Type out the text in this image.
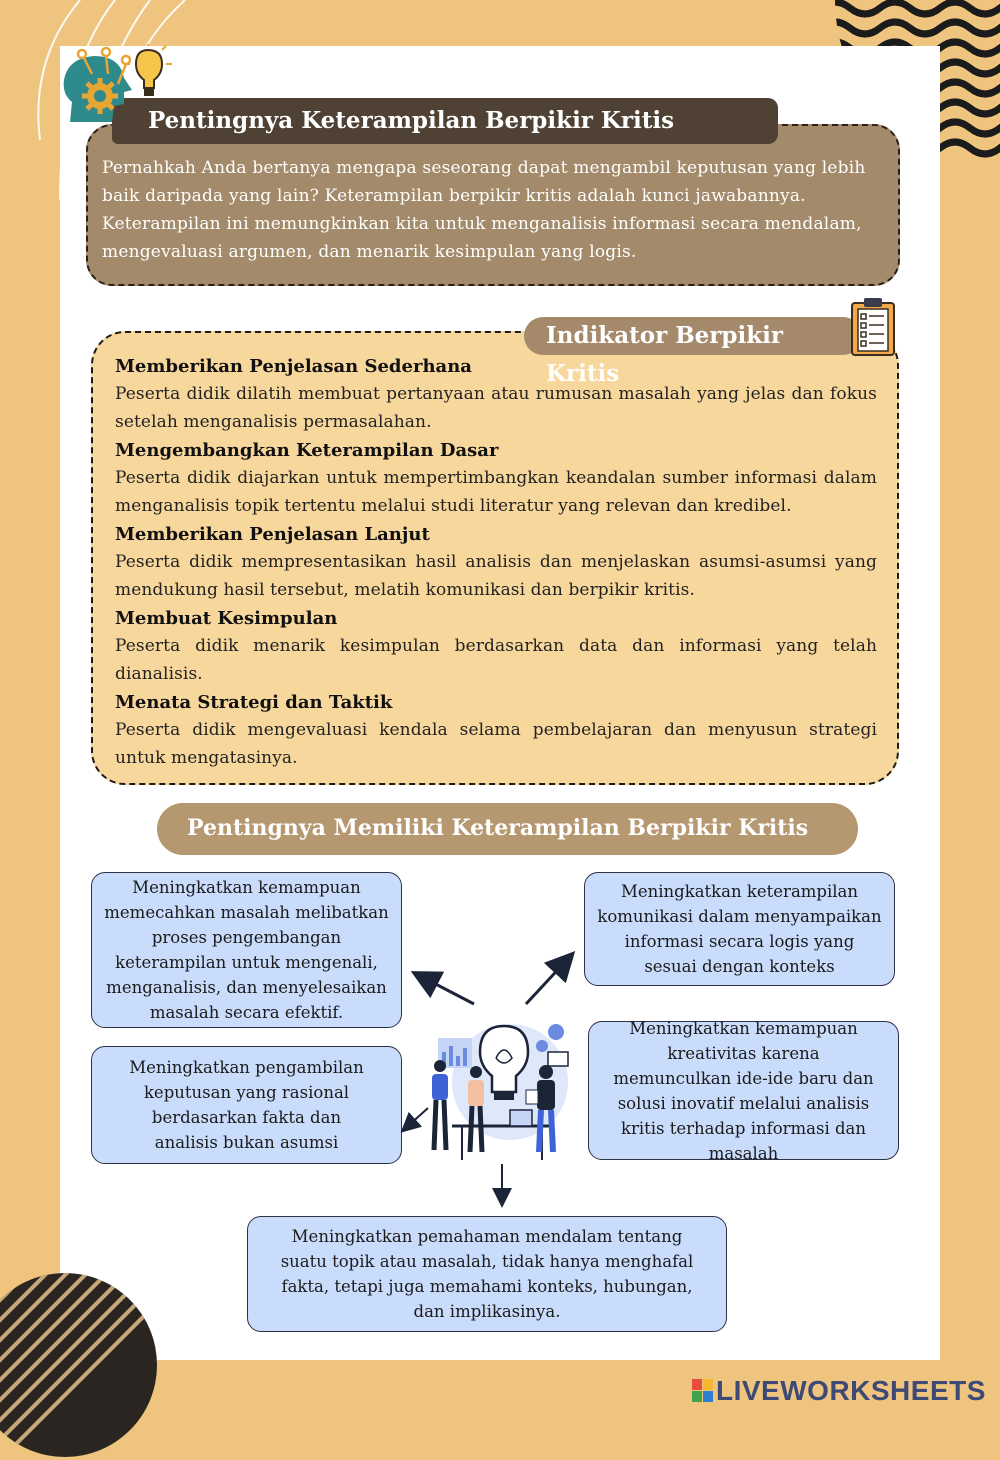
Pernahkah Anda bertanya mengapa seseorang dapat mengambil keputusan yang lebih baik daripada yang lain? Keterampilan berpikir kritis adalah kunci jawabannya. Keterampilan ini memungkinkan kita untuk menganalisis informasi secara mendalam, mengevaluasi argumen, dan menarik kesimpulan yang logis.
Pentingnya Keterampilan Berpikir Kritis
Memberikan Penjelasan Sederhana
Peserta didik dilatih membuat pertanyaan atau rumusan masalah yang jelas dan fokus setelah menganalisis permasalahan.
Mengembangkan Keterampilan Dasar
Peserta didik diajarkan untuk mempertimbangkan keandalan sumber informasi dalam menganalisis topik tertentu melalui studi literatur yang relevan dan kredibel.
Memberikan Penjelasan Lanjut
Peserta didik mempresentasikan hasil analisis dan menjelaskan asumsi-asumsi yang mendukung hasil tersebut, melatih komunikasi dan berpikir kritis.
Membuat Kesimpulan
Peserta didik menarik kesimpulan berdasarkan data dan informasi yang telah dianalisis.
Menata Strategi dan Taktik
Peserta didik mengevaluasi kendala selama pembelajaran dan menyusun strategi untuk mengatasinya.
Indikator Berpikir Kritis
Pentingnya Memiliki Keterampilan Berpikir Kritis
Meningkatkan kemampuan memecahkan masalah melibatkan proses pengembangan keterampilan untuk mengenali, menganalisis, dan menyelesaikan masalah secara efektif.
Meningkatkan keterampilan komunikasi dalam menyampaikan informasi secara logis yang sesuai dengan konteks
Meningkatkan pengambilan keputusan yang rasional berdasarkan fakta dan analisis bukan asumsi
Meningkatkan kemampuan kreativitas karena memunculkan ide-ide baru dan solusi inovatif melalui analisis kritis terhadap informasi dan masalah
Meningkatkan pemahaman mendalam tentang suatu topik atau masalah, tidak hanya menghafal fakta, tetapi juga memahami konteks, hubungan, dan implikasinya.
LIVEWORKSHEETS
